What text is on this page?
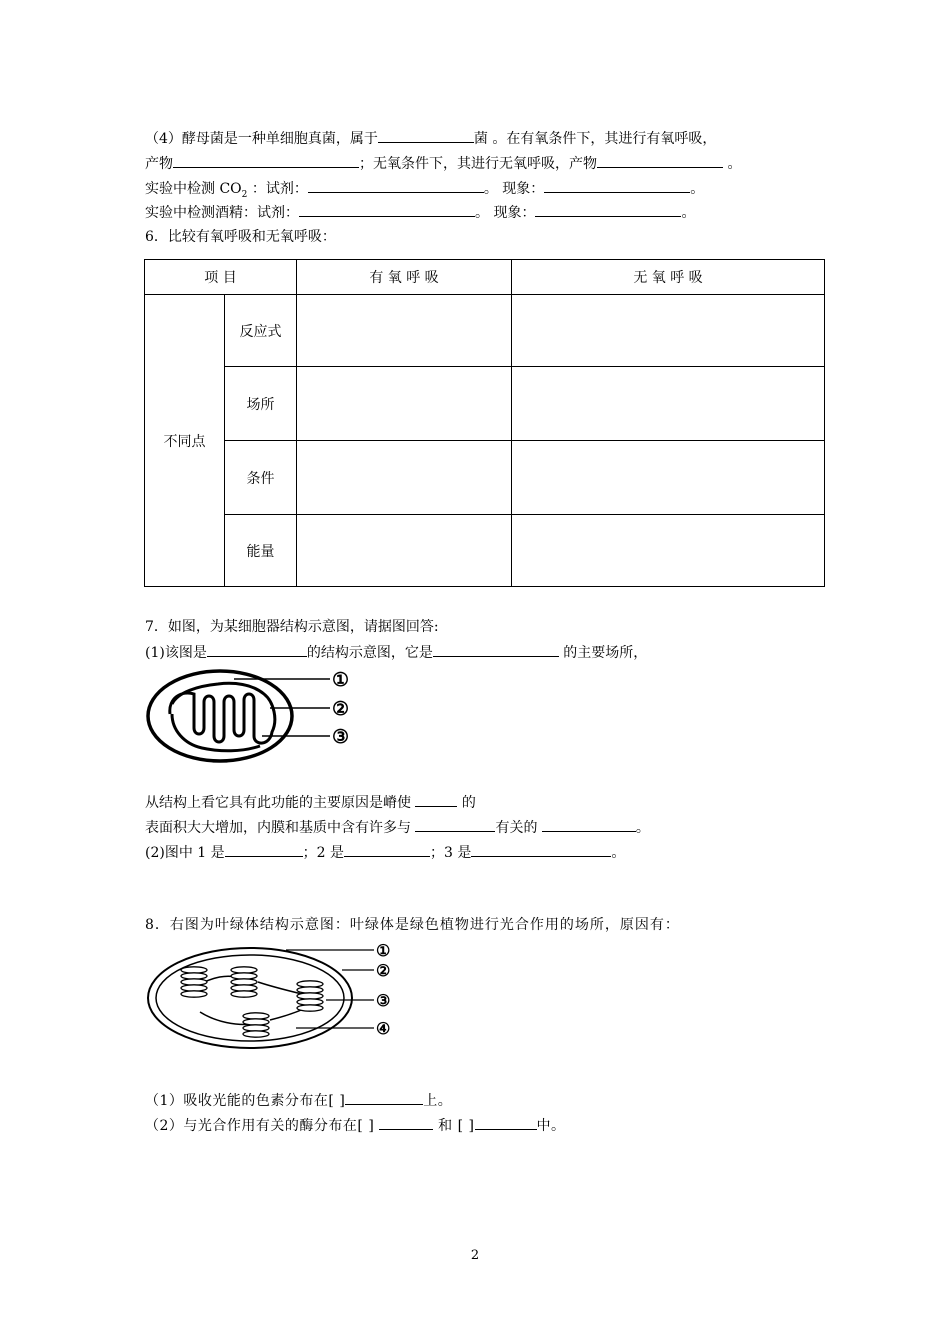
（4）酵母菌是一种单细胞真菌，属于	菌 。在有氧条件下，其进行有氧呼吸，
产物	；无氧条件下，其进行无氧呼吸，产物	。
实验中检测 $CO_2$ ：试剂：	。 现象：	。
实验中检测酒精：试剂：	。 现象：	。
6．比较有氧呼吸和无氧呼吸：
项 目		有 氧 呼 吸	无 氧 呼 吸
不同点	反应式		
	场所		
	条件		
	能量		
7．如图，为某细胞器结构示意图，请据图回答:
(1)该图是	的结构示意图，它是	的主要场所，
①
②
③
从结构上看它具有此功能的主要原因是嵴使	的
表面积大大增加，内膜和基质中含有许多与	有关的	。
(2)图中 1 是	；2 是	；3 是	。
8．右图为叶绿体结构示意图：叶绿体是绿色植物进行光合作用的场所，原因有：
①
②
③
④
（1）吸收光能的色素分布在[ ]	上。
（2）与光合作用有关的酶分布在[ ]	和 [ ]	中。
2
